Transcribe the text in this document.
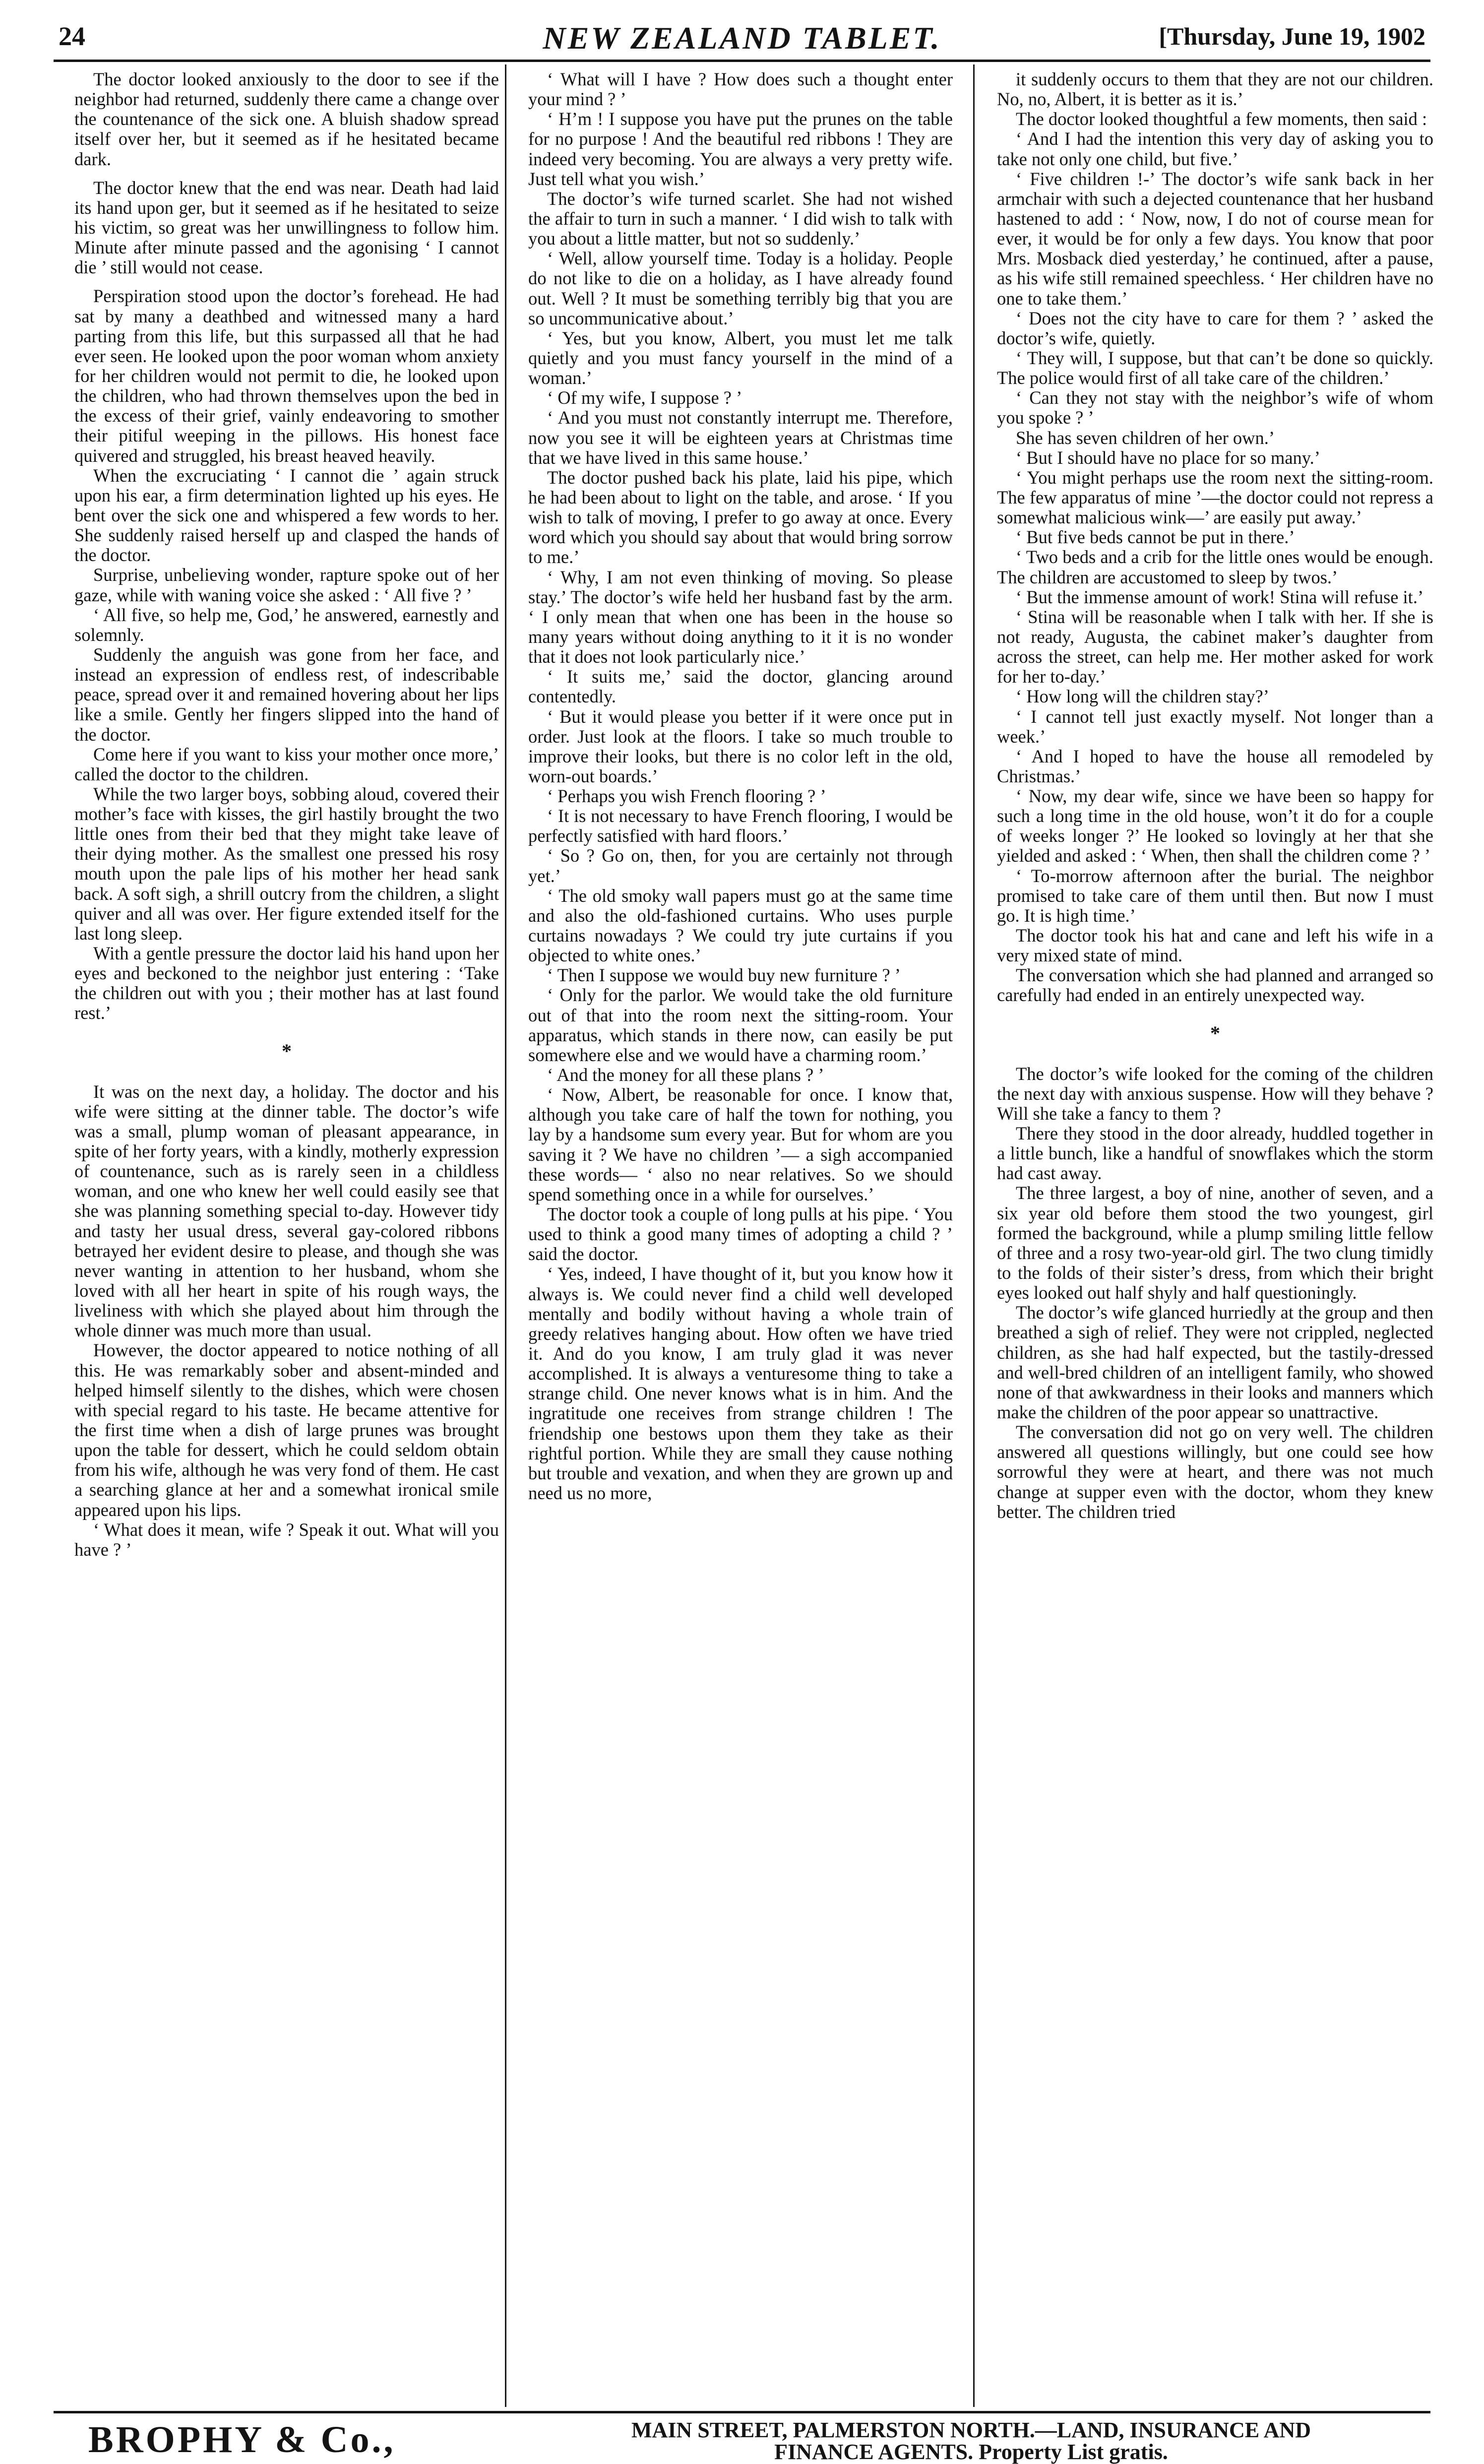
24	NEW ZEALAND TABLET.	[Thursday, June 19, 1902

The doctor looked anxiously to the door to see if the neighbor had returned, suddenly there came a change over the countenance of the sick one. A bluish shadow spread itself over her, but it seemed as if he hesitated became dark.

The doctor knew that the end was near. Death had laid its hand upon ger, but it seemed as if he hesitated to seize his victim, so great was her unwillingness to follow him. Minute after minute passed and the agonising ‘ I cannot die ’ still would not cease.

Perspiration stood upon the doctor’s forehead. He had sat by many a deathbed and witnessed many a hard parting from this life, but this surpassed all that he had ever seen. He looked upon the poor woman whom anxiety for her children would not permit to die, he looked upon the children, who had thrown themselves upon the bed in the excess of their grief, vainly endeavoring to smother their pitiful weeping in the pillows. His honest face quivered and struggled, his breast heaved heavily.

When the excruciating ‘ I cannot die ’ again struck upon his ear, a firm determination lighted up his eyes. He bent over the sick one and whispered a few words to her. She suddenly raised herself up and clasped the hands of the doctor.

Surprise, unbelieving wonder, rapture spoke out of her gaze, while with waning voice she asked : ‘ All five ? ’

‘ All five, so help me, God,’ he answered, earnestly and solemnly.

Suddenly the anguish was gone from her face, and instead an expression of endless rest, of indescribable peace, spread over it and remained hovering about her lips like a smile. Gently her fingers slipped into the hand of the doctor.

Come here if you want to kiss your mother once more,’ called the doctor to the children.

While the two larger boys, sobbing aloud, covered their mother’s face with kisses, the girl hastily brought the two little ones from their bed that they might take leave of their dying mother. As the smallest one pressed his rosy mouth upon the pale lips of his mother her head sank back. A soft sigh, a shrill outcry from the children, a slight quiver and all was over. Her figure extended itself for the last long sleep.

With a gentle pressure the doctor laid his hand upon her eyes and beckoned to the neighbor just entering : ‘Take the children out with you ; their mother has at last found rest.’

*

It was on the next day, a holiday. The doctor and his wife were sitting at the dinner table. The doctor’s wife was a small, plump woman of pleasant appearance, in spite of her forty years, with a kindly, motherly expression of countenance, such as is rarely seen in a childless woman, and one who knew her well could easily see that she was planning something special to-day. However tidy and tasty her usual dress, several gay-colored ribbons betrayed her evident desire to please, and though she was never wanting in attention to her husband, whom she loved with all her heart in spite of his rough ways, the liveliness with which she played about him through the whole dinner was much more than usual.

However, the doctor appeared to notice nothing of all this. He was remarkably sober and absent-minded and helped himself silently to the dishes, which were chosen with special regard to his taste. He became attentive for the first time when a dish of large prunes was brought upon the table for dessert, which he could seldom obtain from his wife, although he was very fond of them. He cast a searching glance at her and a somewhat ironical smile appeared upon his lips.

‘ What does it mean, wife ? Speak it out. What will you have ? ’

‘ What will I have ? How does such a thought enter your mind ? ’

‘ H’m ! I suppose you have put the prunes on the table for no purpose ! And the beautiful red ribbons ! They are indeed very becoming. You are always a very pretty wife. Just tell what you wish.’

The doctor’s wife turned scarlet. She had not wished the affair to turn in such a manner. ‘ I did wish to talk with you about a little matter, but not so suddenly.’

‘ Well, allow yourself time. Today is a holiday. People do not like to die on a holiday, as I have already found out. Well ? It must be something terribly big that you are so uncommunicative about.’

‘ Yes, but you know, Albert, you must let me talk quietly and you must fancy yourself in the mind of a woman.’

‘ Of my wife, I suppose ? ’

‘ And you must not constantly interrupt me. Therefore, now you see it will be eighteen years at Christmas time that we have lived in this same house.’

The doctor pushed back his plate, laid his pipe, which he had been about to light on the table, and arose. ‘ If you wish to talk of moving, I prefer to go away at once. Every word which you should say about that would bring sorrow to me.’

‘ Why, I am not even thinking of moving. So please stay.’ The doctor’s wife held her husband fast by the arm. ‘ I only mean that when one has been in the house so many years without doing anything to it it is no wonder that it does not look particularly nice.’

‘ It suits me,’ said the doctor, glancing around contentedly.

‘ But it would please you better if it were once put in order. Just look at the floors. I take so much trouble to improve their looks, but there is no color left in the old, worn-out boards.’

‘ Perhaps you wish French flooring ? ’

‘ It is not necessary to have French flooring, I would be perfectly satisfied with hard floors.’

‘ So ? Go on, then, for you are certainly not through yet.’

‘ The old smoky wall papers must go at the same time and also the old-fashioned curtains. Who uses purple curtains nowadays ? We could try jute curtains if you objected to white ones.’

‘ Then I suppose we would buy new furniture ? ’

‘ Only for the parlor. We would take the old furniture out of that into the room next the sitting-room. Your apparatus, which stands in there now, can easily be put somewhere else and we would have a charming room.’

‘ And the money for all these plans ? ’

‘ Now, Albert, be reasonable for once. I know that, although you take care of half the town for nothing, you lay by a handsome sum every year. But for whom are you saving it ? We have no children ’— a sigh accompanied these words— ‘ also no near relatives. So we should spend something once in a while for ourselves.’

The doctor took a couple of long pulls at his pipe. ‘ You used to think a good many times of adopting a child ? ’ said the doctor.

‘ Yes, indeed, I have thought of it, but you know how it always is. We could never find a child well developed mentally and bodily without having a whole train of greedy relatives hanging about. How often we have tried it. And do you know, I am truly glad it was never accomplished. It is always a venturesome thing to take a strange child. One never knows what is in him. And the ingratitude one receives from strange children ! The friendship one bestows upon them they take as their rightful portion. While they are small they cause nothing but trouble and vexation, and when they are grown up and need us no more,

it suddenly occurs to them that they are not our children. No, no, Albert, it is better as it is.’

The doctor looked thoughtful a few moments, then said :

‘ And I had the intention this very day of asking you to take not only one child, but five.’

‘ Five children !-’ The doctor’s wife sank back in her armchair with such a dejected countenance that her husband hastened to add : ‘ Now, now, I do not of course mean for ever, it would be for only a few days. You know that poor Mrs. Mosback died yesterday,’ he continued, after a pause, as his wife still remained speechless. ‘ Her children have no one to take them.’

‘ Does not the city have to care for them ? ’ asked the doctor’s wife, quietly.

‘ They will, I suppose, but that can’t be done so quickly. The police would first of all take care of the children.’

‘ Can they not stay with the neighbor’s wife of whom you spoke ? ’

She has seven children of her own.’

‘ But I should have no place for so many.’

‘ You might perhaps use the room next the sitting-room. The few apparatus of mine ’—the doctor could not repress a somewhat malicious wink—’ are easily put away.’

‘ But five beds cannot be put in there.’

‘ Two beds and a crib for the little ones would be enough. The children are accustomed to sleep by twos.’

‘ But the immense amount of work! Stina will refuse it.’

‘ Stina will be reasonable when I talk with her. If she is not ready, Augusta, the cabinet maker’s daughter from across the street, can help me. Her mother asked for work for her to-day.’

‘ How long will the children stay?’

‘ I cannot tell just exactly myself. Not longer than a week.’

‘ And I hoped to have the house all remodeled by Christmas.’

‘ Now, my dear wife, since we have been so happy for such a long time in the old house, won’t it do for a couple of weeks longer ?’ He looked so lovingly at her that she yielded and asked : ‘ When, then shall the children come ? ’

‘ To-morrow afternoon after the burial. The neighbor promised to take care of them until then. But now I must go. It is high time.’

The doctor took his hat and cane and left his wife in a very mixed state of mind.

The conversation which she had planned and arranged so carefully had ended in an entirely unexpected way.

*

The doctor’s wife looked for the coming of the children the next day with anxious suspense. How will they behave ? Will she take a fancy to them ?

There they stood in the door already, huddled together in a little bunch, like a handful of snowflakes which the storm had cast away.

The three largest, a boy of nine, another of seven, and a six year old before them stood the two youngest, girl formed the background, while a plump smiling little fellow of three and a rosy two-year-old girl. The two clung timidly to the folds of their sister’s dress, from which their bright eyes looked out half shyly and half questioningly.

The doctor’s wife glanced hurriedly at the group and then breathed a sigh of relief. They were not crippled, neglected children, as she had half expected, but the tastily-dressed and well-bred children of an intelligent family, who showed none of that awkwardness in their looks and manners which make the children of the poor appear so unattractive.

The conversation did not go on very well. The children answered all questions willingly, but one could see how sorrowful they were at heart, and there was not much change at supper even with the doctor, whom they knew better. The children tried

BROPHY & Co.,	MAIN STREET, PALMERSTON NORTH.—LAND, INSURANCE AND
FINANCE AGENTS. Property List gratis.
